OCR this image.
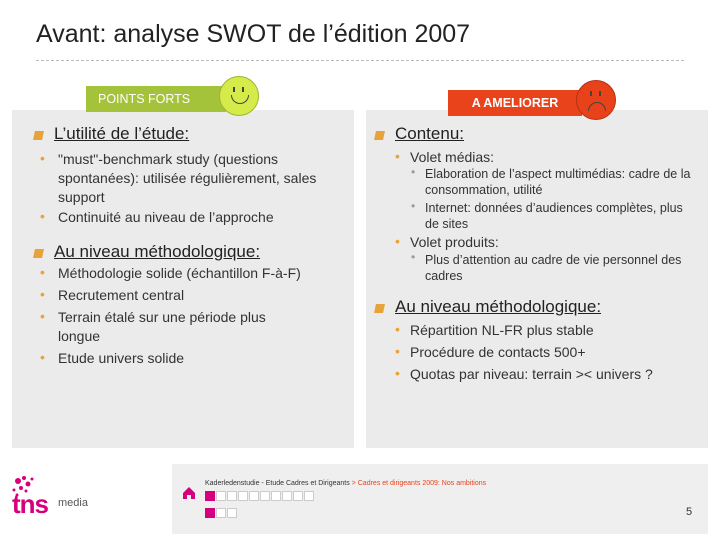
Avant: analyse SWOT de l’édition 2007
POINTS FORTS	A AMELIORER
L’utilité de l’étude:
• "must"-benchmark study (questions spontanées): utilisée régulièrement, sales support
• Continuité au niveau de l’approche
Au niveau méthodologique:
• Méthodologie solide (échantillon F-à-F)
• Recrutement central
• Terrain étalé sur une période plus longue
• Etude univers solide
Contenu:
• Volet médias:
• Elaboration de l’aspect multimédias: cadre de la consommation, utilité
• Internet: données d’audiences complètes, plus de sites
• Volet produits:
• Plus d’attention au cadre de vie personnel des cadres
Au niveau méthodologique:
• Répartition NL-FR plus stable
• Procédure de contacts 500+
• Quotas par niveau: terrain >< univers ?
tns media
Kaderledenstudie - Etude Cadres et Dirigeants > Cadres et dirigeants 2009: Nos ambitions
5
